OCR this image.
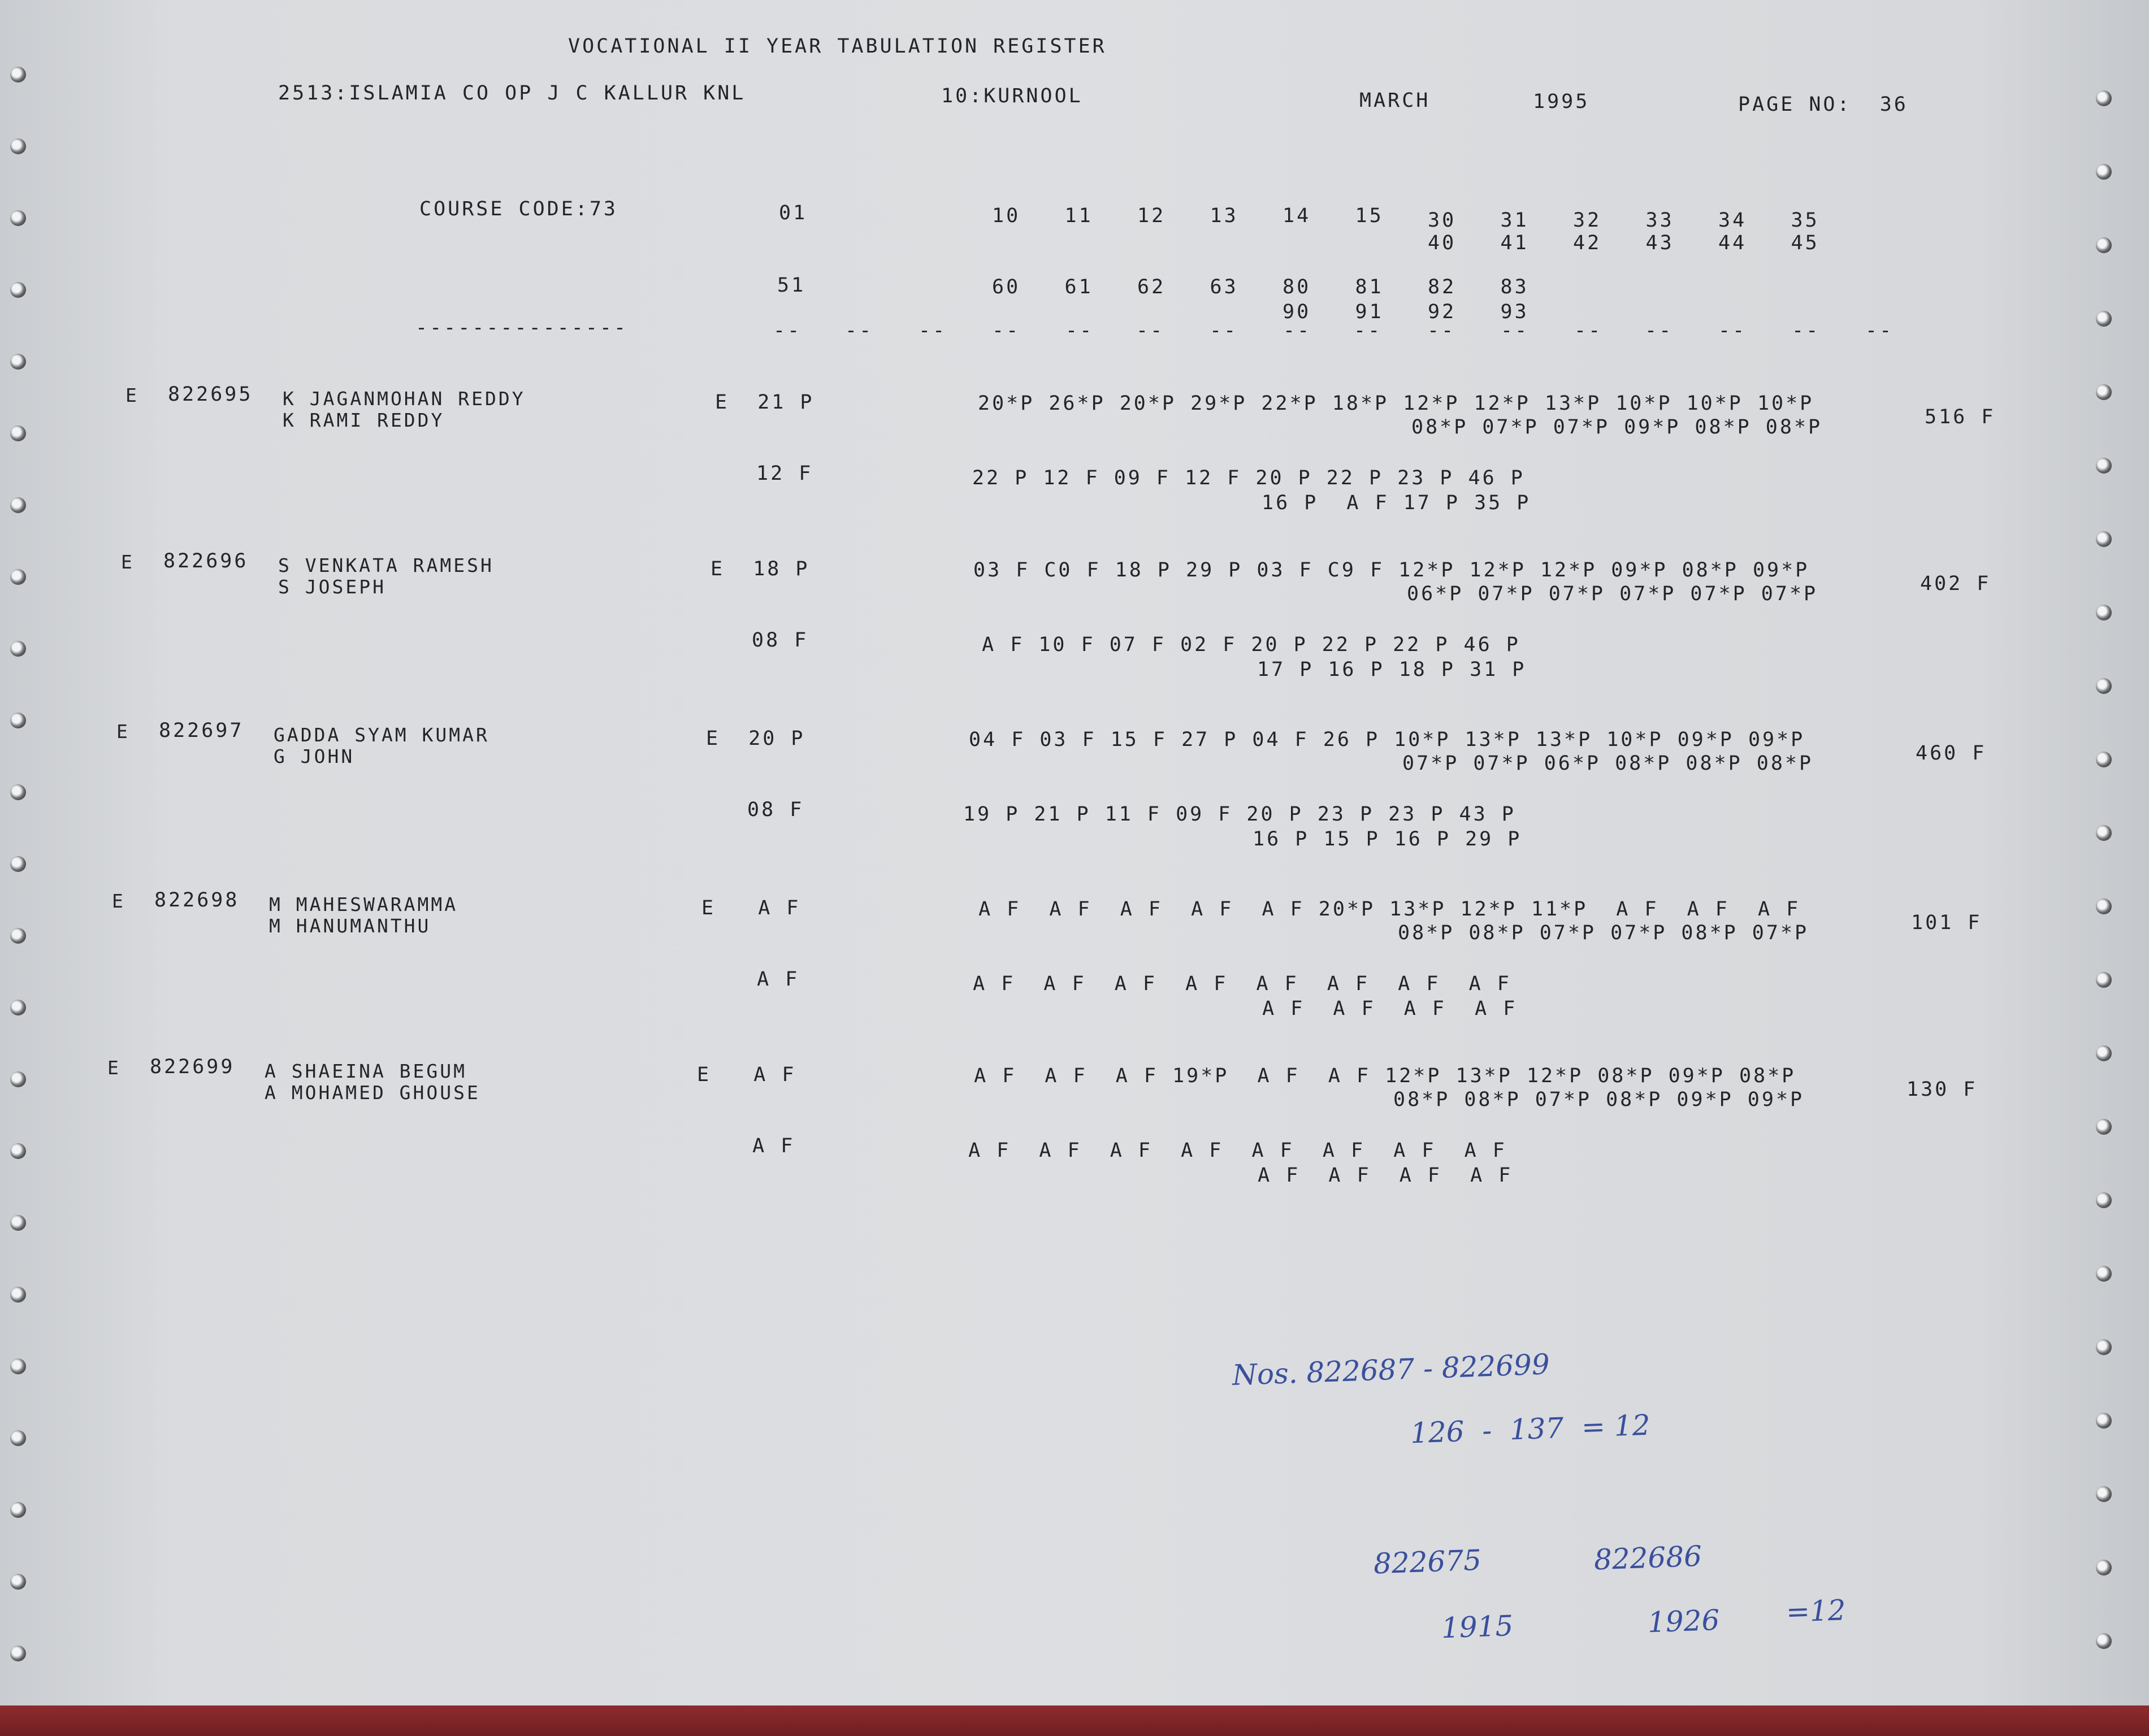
VOCATIONAL II YEAR TABULATION REGISTER
2513:ISLAMIA CO OP J C KALLUR KNL	10:KURNOOL	MARCH	1995	PAGE NO:  36
COURSE CODE:73	01
51
---------------
10 11 12 13 14 15 30 31 32 33 34 35
40 41 42 43 44 45
60 61 62 63 80 81 82 83
90 91 92 93
-- -- -- -- -- -- -- -- -- -- -- -- -- -- -- --
E 822695 K JAGANMOHAN REDDY
K RAMI REDDY
E  21 P	20*P 26*P 20*P 29*P 22*P 18*P 12*P 12*P 13*P 10*P 10*P 10*P
08*P 07*P 07*P 09*P 08*P 08*P	516 F
12 F	22 P 12 F 09 F 12 F 20 P 22 P 23 P 46 P
16 P  A F 17 P 35 P
E 822696 S VENKATA RAMESH
S JOSEPH
E  18 P	03 F C0 F 18 P 29 P 03 F C9 F 12*P 12*P 12*P 09*P 08*P 09*P
06*P 07*P 07*P 07*P 07*P 07*P	402 F
08 F	A F 10 F 07 F 02 F 20 P 22 P 22 P 46 P
17 P 16 P 18 P 31 P
E 822697 GADDA SYAM KUMAR
G JOHN
E  20 P	04 F 03 F 15 F 27 P 04 F 26 P 10*P 13*P 13*P 10*P 09*P 09*P
07*P 07*P 06*P 08*P 08*P 08*P	460 F
08 F	19 P 21 P 11 F 09 F 20 P 23 P 23 P 43 P
16 P 15 P 16 P 29 P
E 822698 M MAHESWARAMMA
M HANUMANTHU
E   A F	A F  A F  A F  A F  A F 20*P 13*P 12*P 11*P  A F  A F  A F
08*P 08*P 07*P 07*P 08*P 07*P	101 F
A F	A F  A F  A F  A F  A F  A F  A F  A F
A F  A F  A F  A F
E 822699 A SHAEINA BEGUM
A MOHAMED GHOUSE
E   A F	A F  A F  A F 19*P  A F  A F 12*P 13*P 12*P 08*P 09*P 08*P
08*P 08*P 07*P 08*P 09*P 09*P	130 F
A F	A F  A F  A F  A F  A F  A F  A F  A F
A F  A F  A F  A F
Nos. 822687 - 822699
126  -  137  = 12
822675	822686
1915	1926 =12
